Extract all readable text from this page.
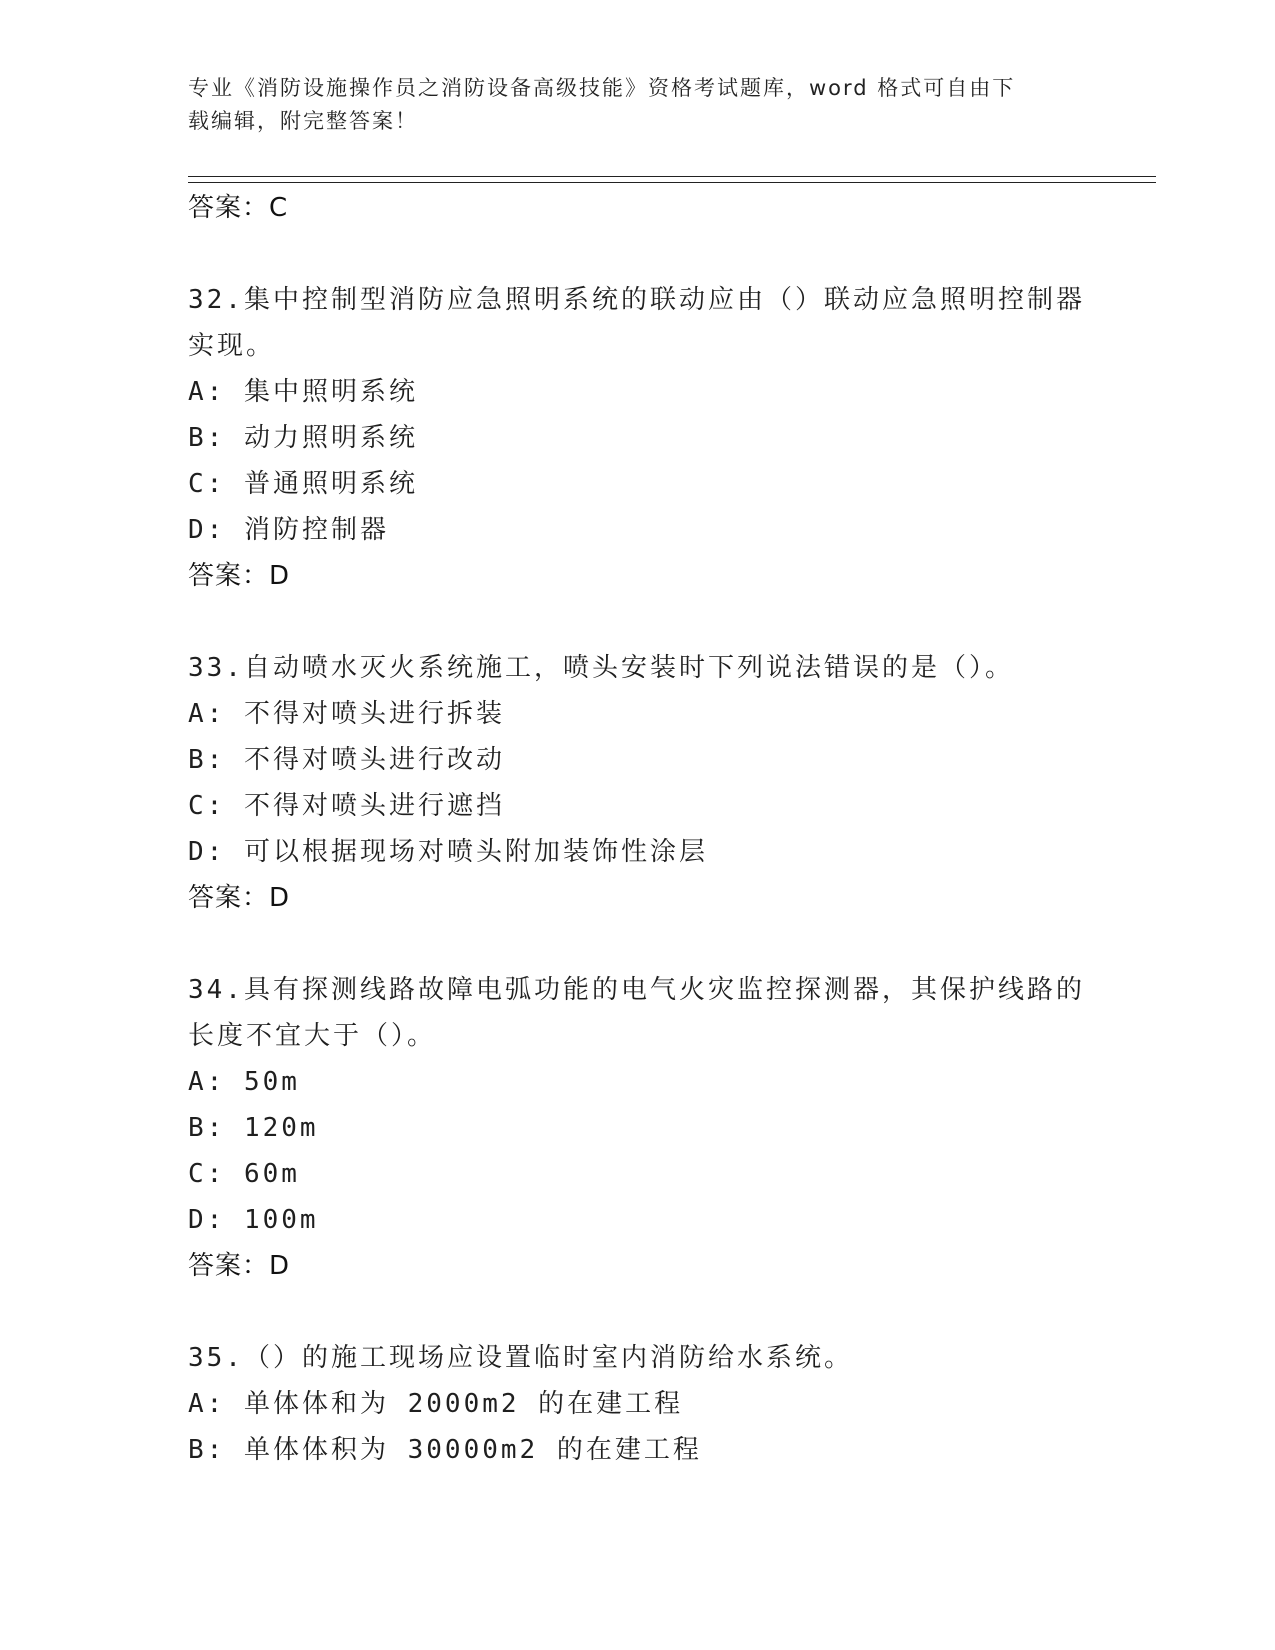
专业《消防设施操作员之消防设备高级技能》资格考试题库，word 格式可自由下
载编辑，附完整答案！
答案：C
32.集中控制型消防应急照明系统的联动应由（）联动应急照明控制器
实现。
A: 集中照明系统
B: 动力照明系统
C: 普通照明系统
D: 消防控制器
答案：D
33.自动喷水灭火系统施工，喷头安装时下列说法错误的是（）。
A: 不得对喷头进行拆装
B: 不得对喷头进行改动
C: 不得对喷头进行遮挡
D: 可以根据现场对喷头附加装饰性涂层
答案：D
34.具有探测线路故障电弧功能的电气火灾监控探测器，其保护线路的
长度不宜大于（）。
A: 50m
B: 120m
C: 60m
D: 100m
答案：D
35.（）的施工现场应设置临时室内消防给水系统。
A: 单体体和为 2000m2 的在建工程
B: 单体体积为 30000m2 的在建工程
